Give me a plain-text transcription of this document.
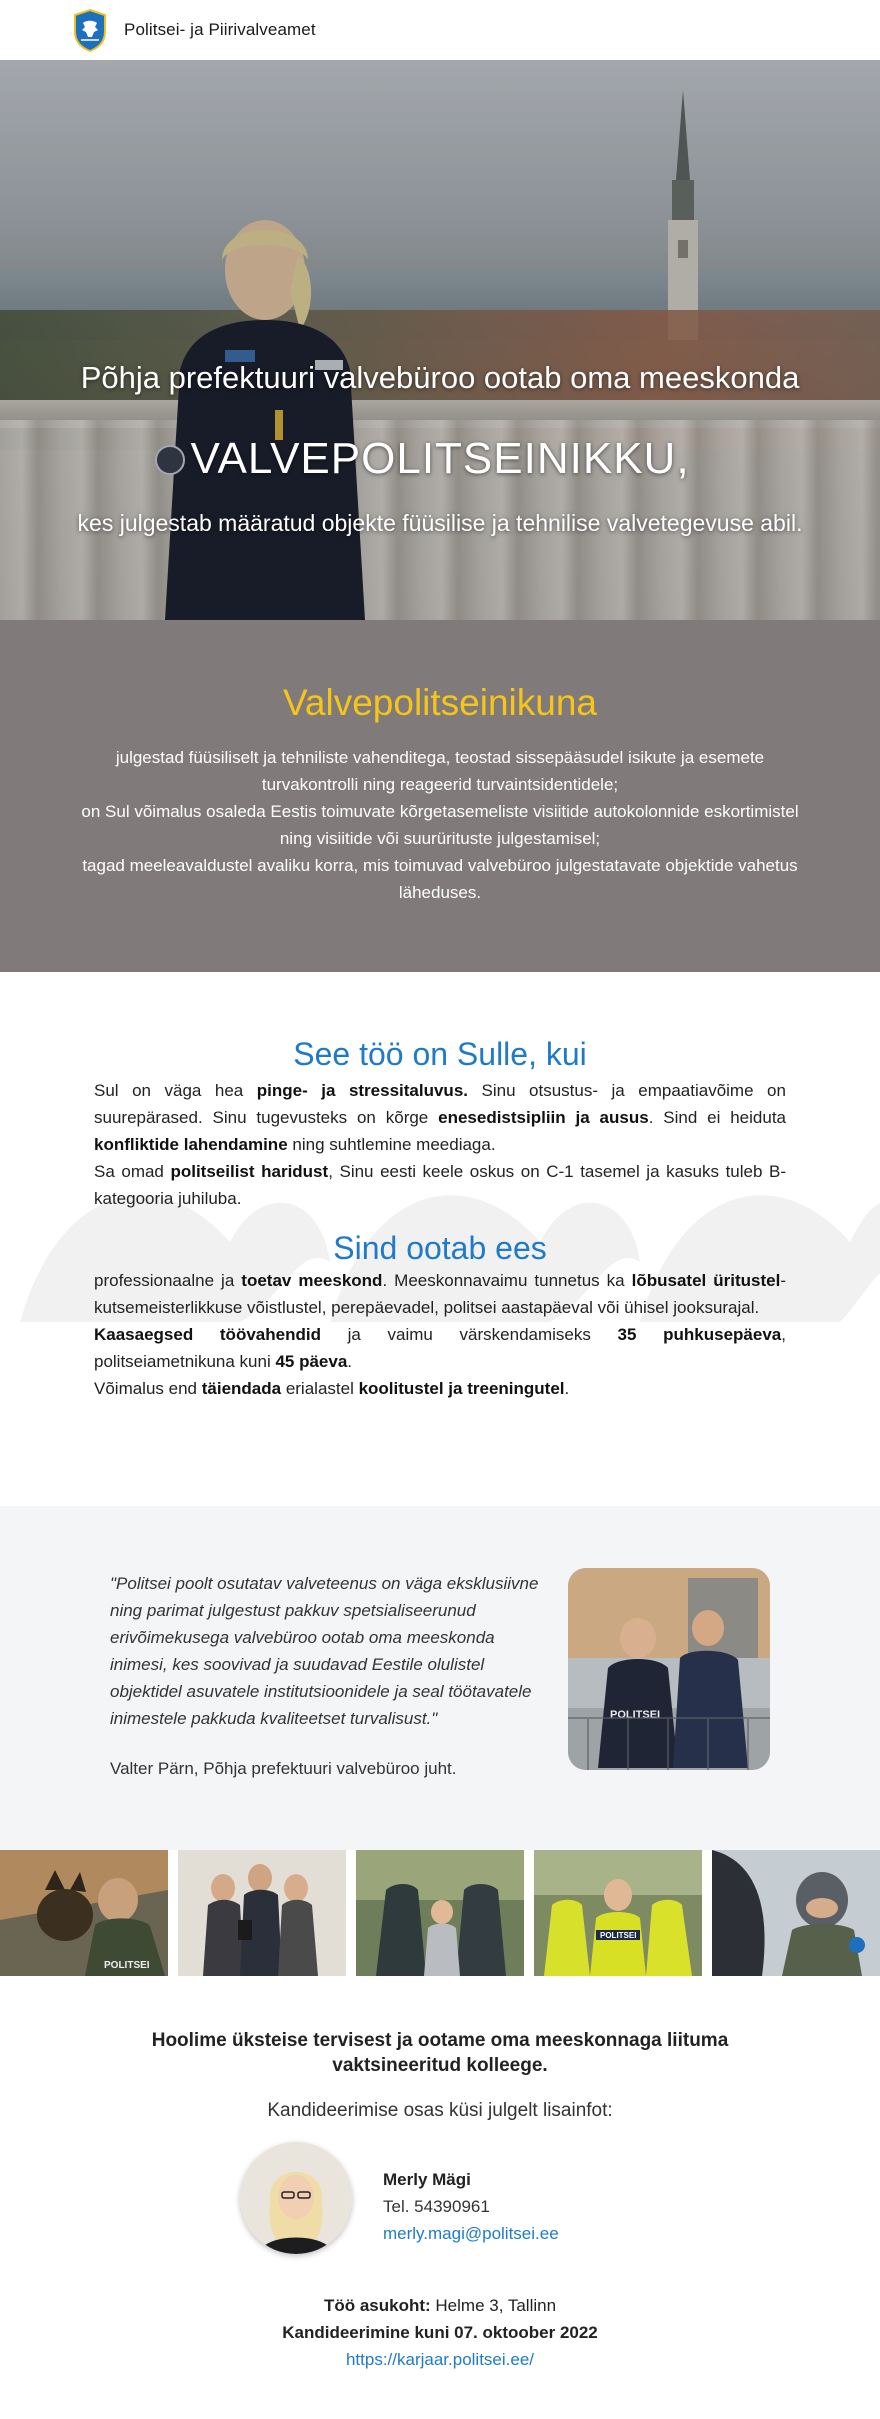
Politsei- ja Piirivalveamet
Põhja prefektuuri valvebüroo ootab oma meeskonda
VALVEPOLITSEINIKKU,
kes julgestab määratud objekte füüsilise ja tehnilise valvetegevuse abil.
Valvepolitseinikuna

julgestad füüsiliselt ja tehniliste vahenditega, teostad sissepääsudel isikute ja esemete turvakontrolli ning reageerid turvaintsidentidele;
on Sul võimalus osaleda Eestis toimuvate kõrgetasemeliste visiitide autokolonnide eskortimistel ning visiitide või suurürituste julgestamisel;
tagad meeleavaldustel avaliku korra, mis toimuvad valvebüroo julgestatavate objektide vahetus läheduses.

See töö on Sulle, kui

Sul on väga hea pinge- ja stressitaluvus. Sinu otsustus- ja empaatiavõime on suurepärased. Sinu tugevusteks on kõrge enesedistsipliin ja ausus. Sind ei heiduta konfliktide lahendamine ning suhtlemine meediaga.

Sa omad politseilist haridust, Sinu eesti keele oskus on C-1 tasemel ja kasuks tuleb B-kategooria juhiluba.

Sind ootab ees

professionaalne ja toetav meeskond. Meeskonnavaimu tunnetus ka lõbusatel üritustel-kutsemeisterlikkuse võistlustel, perepäevadel, politsei aastapäeval või ühisel jooksurajal.

Kaasaegsed töövahendid ja vaimu värskendamiseks 35 puhkusepäeva, politseiametnikuna kuni 45 päeva.

Võimalus end täiendada erialastel koolitustel ja treeningutel.

"Politsei poolt osutatav valveteenus on väga eksklusiivne ning parimat julgestust pakkuv spetsialiseerunud erivõimekusega valvebüroo ootab oma meeskonda inimesi, kes soovivad ja suudavad Eestile olulistel objektidel asuvatele institutsioonidele ja seal töötavatele inimestele pakkuda kvaliteetset turvalisust."

Valter Pärn, Põhja prefektuuri valvebüroo juht.

POLITSEI
POLITSEI
POLITSEI

Hoolime üksteise tervisest ja ootame oma meeskonnaga liituma
vaktsineeritud kolleege.

Kandideerimise osas küsi julgelt lisainfot:

Merly Mägi
Tel. 54390961
merly.magi@politsei.ee
Töö asukoht: Helme 3, Tallinn
Kandideerimine kuni 07. oktoober 2022
https://karjaar.politsei.ee/
